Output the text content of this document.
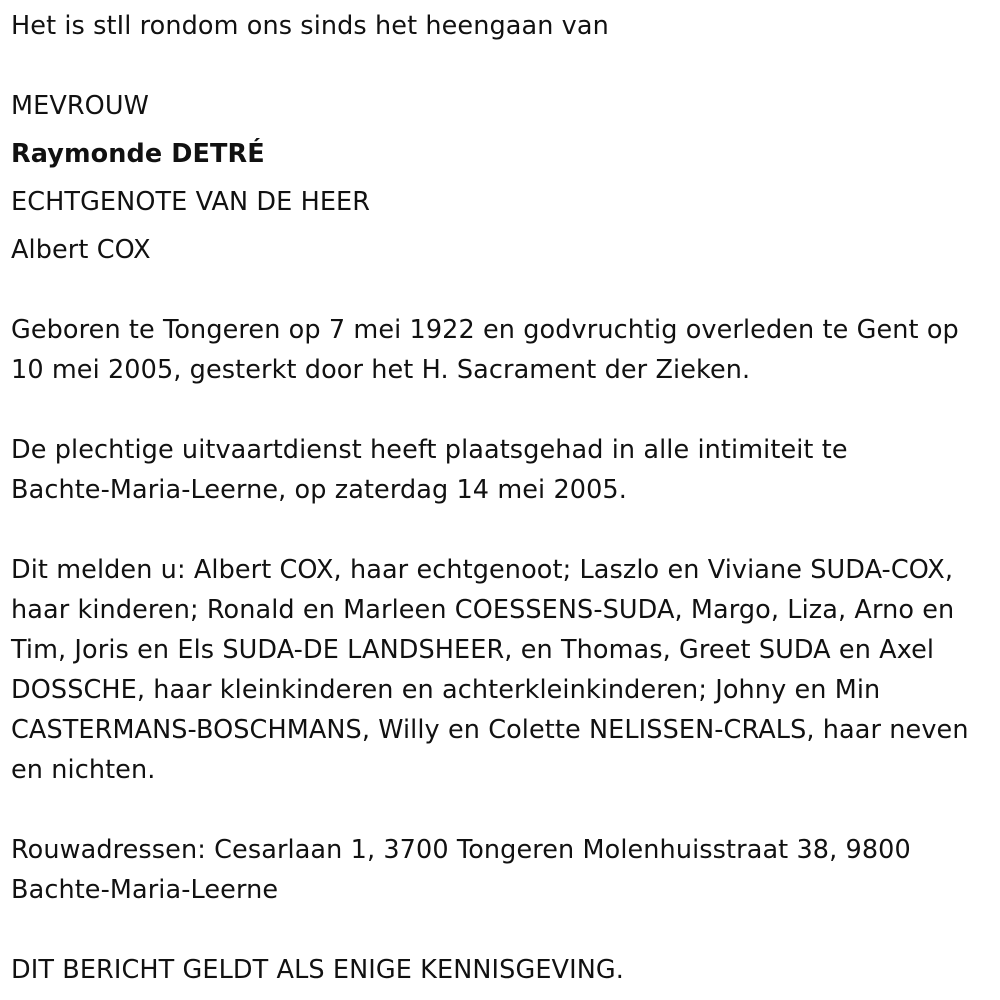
Het is stIl rondom ons sinds het heengaan van
MEVROUW
Raymonde DETRÉ
ECHTGENOTE VAN DE HEER
Albert COX
Geboren te Tongeren op 7 mei 1922 en godvruchtig overleden te Gent op
10 mei 2005, gesterkt door het H. Sacrament der Zieken.
De plechtige uitvaartdienst heeft plaatsgehad in alle intimiteit te
Bachte-Maria-Leerne, op zaterdag 14 mei 2005.
Dit melden u: Albert COX, haar echtgenoot; Laszlo en Viviane SUDA-COX,
haar kinderen; Ronald en Marleen COESSENS-SUDA, Margo, Liza, Arno en
Tim, Joris en Els SUDA-DE LANDSHEER, en Thomas, Greet SUDA en Axel
DOSSCHE, haar kleinkinderen en achterkleinkinderen; Johny en Min
CASTERMANS-BOSCHMANS, Willy en Colette NELISSEN-CRALS, haar neven
en nichten.
Rouwadressen: Cesarlaan 1, 3700 Tongeren Molenhuisstraat 38, 9800
Bachte-Maria-Leerne
DIT BERICHT GELDT ALS ENIGE KENNISGEVING.
